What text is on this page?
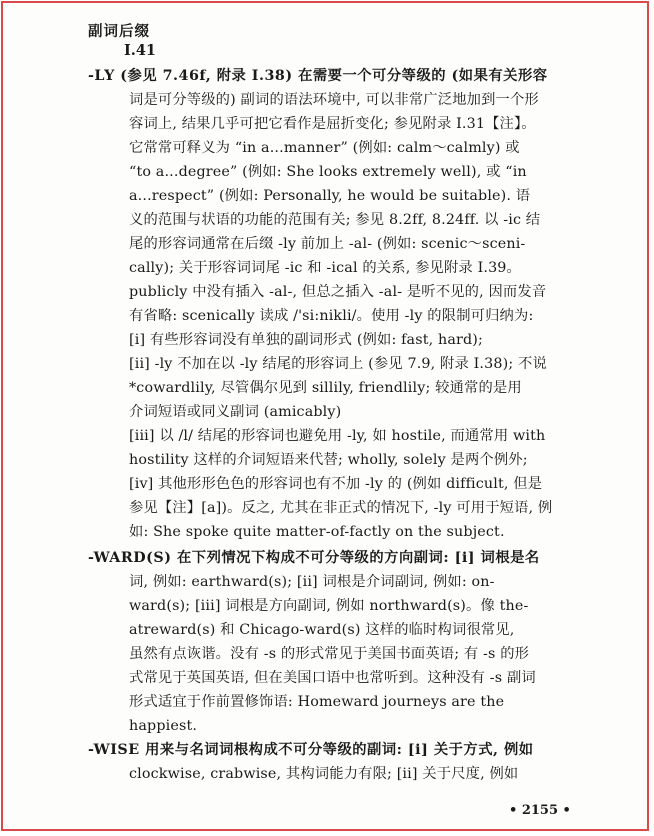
副词后缀
Ⅰ.41
-LY (参见 7.46f, 附录 Ⅰ.38) 在需要一个可分等级的 (如果有关形容
词是可分等级的) 副词的语法环境中, 可以非常广泛地加到一个形
容词上, 结果几乎可把它看作是屈折变化; 参见附录 Ⅰ.31【注】。
它常常可释义为 “in a...manner” (例如: calm～calmly) 或
“to a...degree” (例如: She looks extremely well), 或 “in
a...respect” (例如: Personally, he would be suitable). 语
义的范围与状语的功能的范围有关; 参见 8.2ff, 8.24ff. 以 -ic 结
尾的形容词通常在后缀 -ly 前加上 -al- (例如: scenic～sceni-
cally); 关于形容词词尾 -ic 和 -ical 的关系, 参见附录 Ⅰ.39。
publicly 中没有插入 -al-, 但总之插入 -al- 是听不见的, 因而发音
有省略: scenically 读成 /'si:nikli/。使用 -ly 的限制可归纳为:
[i] 有些形容词没有单独的副词形式 (例如: fast, hard);
[ii] -ly 不加在以 -ly 结尾的形容词上 (参见 7.9, 附录 Ⅰ.38); 不说
*cowardlily, 尽管偶尔见到 sillily, friendlily; 较通常的是用
介词短语或同义副词 (amicably)
[iii] 以 /l/ 结尾的形容词也避免用 -ly, 如 hostile, 而通常用 with
hostility 这样的介词短语来代替; wholly, solely 是两个例外;
[iv] 其他形形色色的形容词也有不加 -ly 的 (例如 difficult, 但是
参见【注】[a])。反之, 尤其在非正式的情况下, -ly 可用于短语, 例
如: She spoke quite matter-of-factly on the subject.
-WARD(S) 在下列情况下构成不可分等级的方向副词: [i] 词根是名
词, 例如: earthward(s); [ii] 词根是介词副词, 例如: on-
ward(s); [iii] 词根是方向副词, 例如 northward(s)。像 the-
atreward(s) 和 Chicago-ward(s) 这样的临时构词很常见,
虽然有点诙谐。没有 -s 的形式常见于美国书面英语; 有 -s 的形
式常见于英国英语, 但在美国口语中也常听到。这种没有 -s 副词
形式适宜于作前置修饰语: Homeward journeys are the
happiest.
-WISE 用来与名词词根构成不可分等级的副词: [i] 关于方式, 例如
clockwise, crabwise, 其构词能力有限; [ii] 关于尺度, 例如
• 2155 •
